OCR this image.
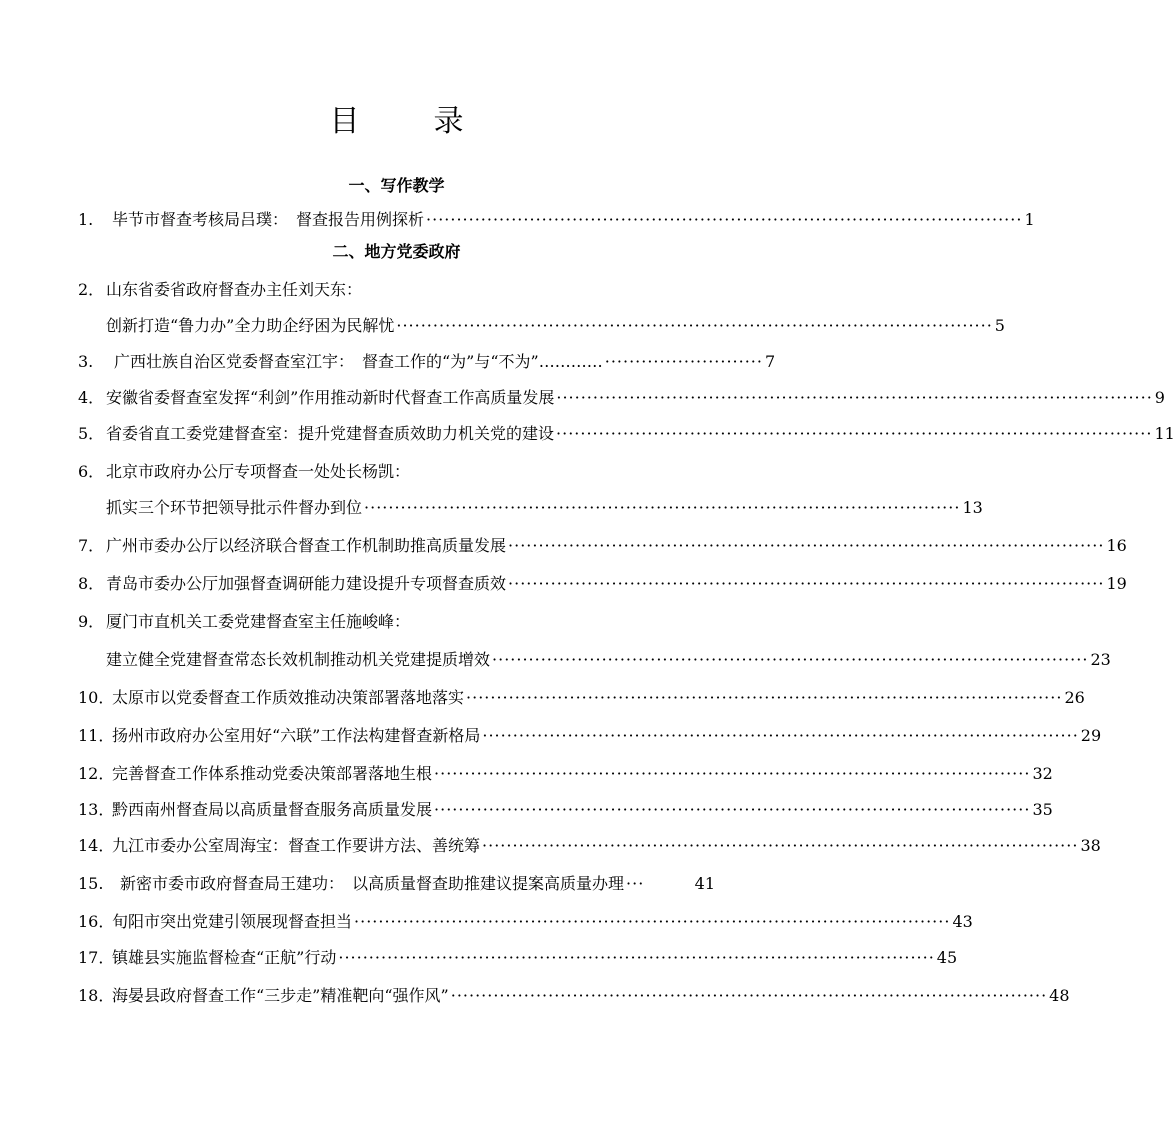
目　录
一、写作教学
1. 毕节市督查考核局吕璞：　督查报告用例探析 ·································································································· 1
二、地方党委政府
2． 山东省委省政府督查办主任刘天东：
创新打造“鲁力办”全力助企纾困为民解忧 ·································································································· 5
3. 广西壮族自治区党委督查室江宇：　督查工作的“为”与“不为”………… ·························· 7
4． 安徽省委督查室发挥“利剑”作用推动新时代督查工作高质量发展 ·································································································· 9
5． 省委省直工委党建督查室：提升党建督查质效助力机关党的建设 ·································································································· 11
6． 北京市政府办公厅专项督查一处处长杨凯：
抓实三个环节把领导批示件督办到位 ·································································································· 13
7． 广州市委办公厅以经济联合督查工作机制助推高质量发展 ·································································································· 16
8． 青岛市委办公厅加强督查调研能力建设提升专项督查质效 ·································································································· 19
9． 厦门市直机关工委党建督查室主任施峻峰：
建立健全党建督查常态长效机制推动机关党建提质增效 ·································································································· 23
10．
太原市以党委督查工作质效推动决策部署落地落实 ·································································································· 26
11．
扬州市政府办公室用好“六联”工作法构建督查新格局 ·································································································· 29
12．
完善督查工作体系推动党委决策部署落地生根 ·································································································· 32
13．
黔西南州督查局以高质量督查服务高质量发展 ·································································································· 35
14．
九江市委办公室周海宝：督查工作要讲方法、善统筹 ·································································································· 38
15. 新密市委市政府督查局王建功：　以高质量督查助推建议提案高质量办理 ···	41
16．
旬阳市突出党建引领展现督查担当 ·································································································· 43
17．
镇雄县实施监督检查“正航”行动 ·································································································· 45
18．
海晏县政府督查工作“三步走”精准靶向“强作风” ·································································································· 48
